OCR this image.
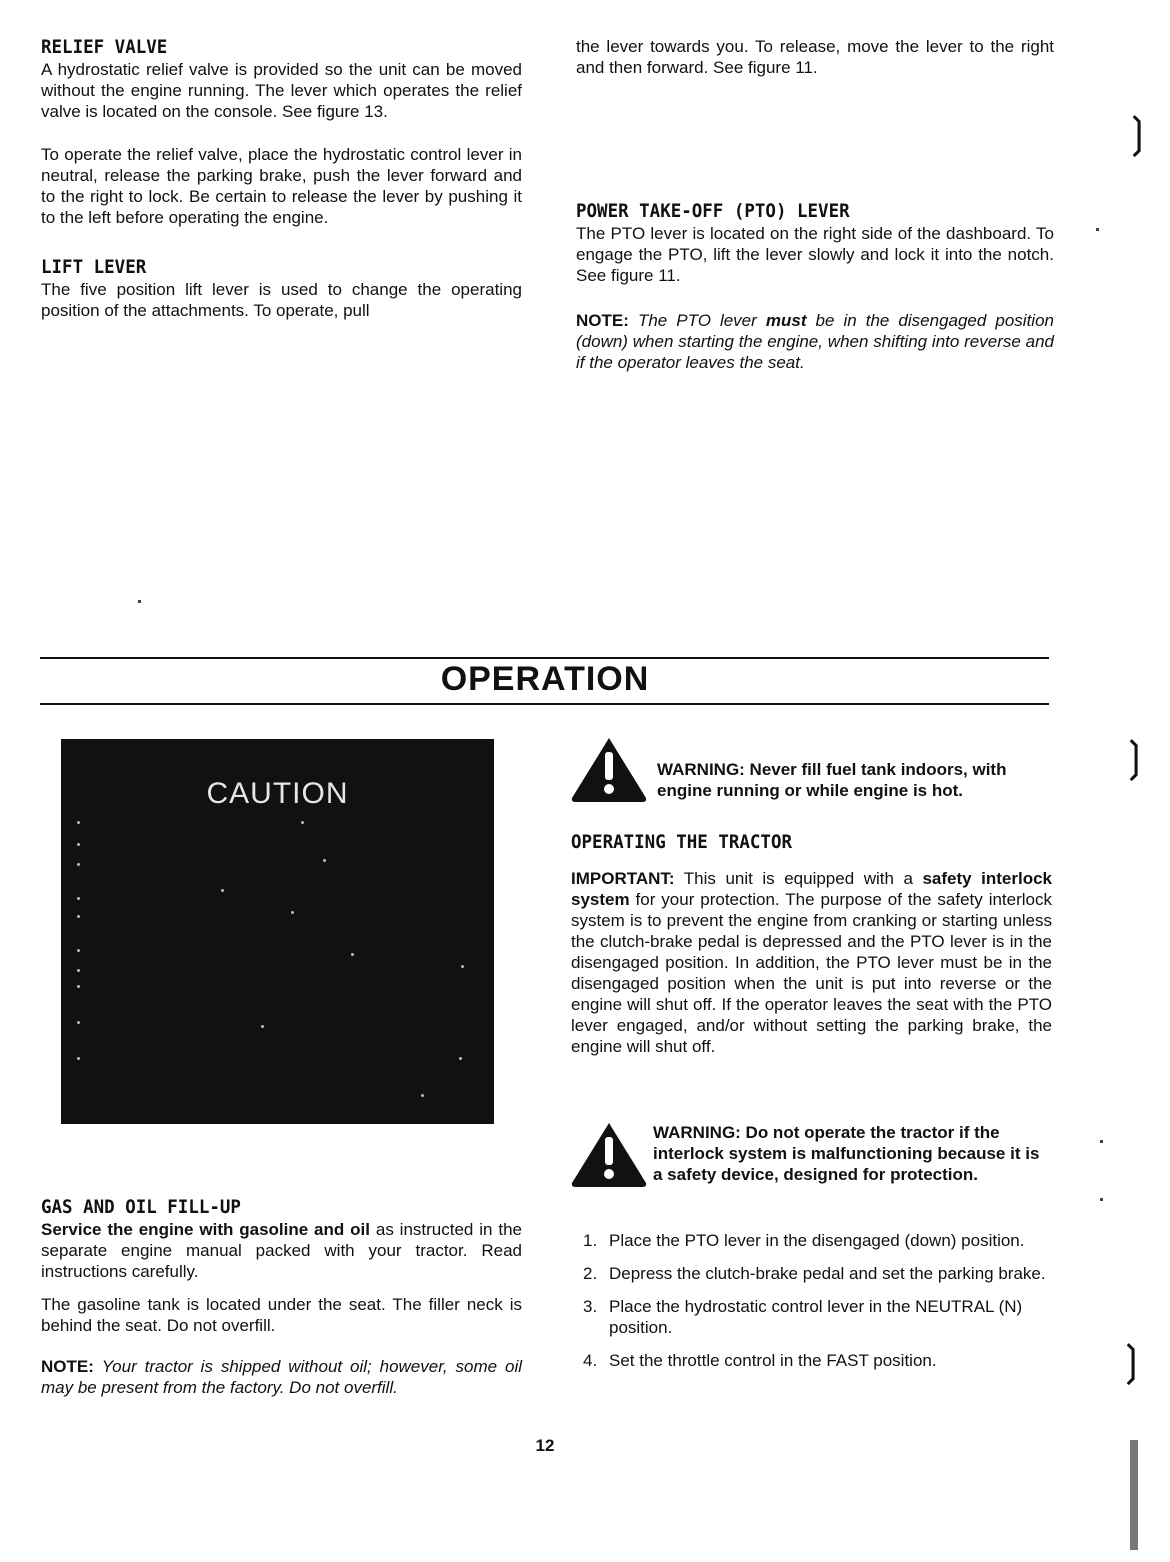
RELIEF VALVE

A hydrostatic relief valve is provided so the unit can be moved without the engine running. The lever which operates the relief valve is located on the console. See figure 13.

To operate the relief valve, place the hydrostatic control lever in neutral, release the parking brake, push the lever forward and to the right to lock. Be certain to release the lever by pushing it to the left before operating the engine.

LIFT LEVER

The five position lift lever is used to change the operating position of the attachments. To operate, pull

the lever towards you. To release, move the lever to the right and then forward. See figure 11.

POWER TAKE-OFF (PTO) LEVER

The PTO lever is located on the right side of the dashboard. To engage the PTO, lift the lever slowly and lock it into the notch. See figure 11.

NOTE: The PTO lever must be in the disengaged position (down) when starting the engine, when shifting into reverse and if the operator leaves the seat.

OPERATION
CAUTION
WARNING: Never fill fuel tank indoors, with engine running or while engine is hot.
OPERATING THE TRACTOR

IMPORTANT: This unit is equipped with a safety interlock system for your protection. The purpose of the safety interlock system is to prevent the engine from cranking or starting unless the clutch-brake pedal is depressed and the PTO lever is in the disengaged position. In addition, the PTO lever must be in the disengaged position when the unit is put into reverse or the engine will shut off. If the operator leaves the seat with the PTO lever engaged, and/or without setting the parking brake, the engine will shut off.

WARNING: Do not operate the tractor if the interlock system is malfunctioning because it is a safety device, designed for protection.
1. Place the PTO lever in the disengaged (down) position.
2. Depress the clutch-brake pedal and set the parking brake.
3. Place the hydrostatic control lever in the NEUTRAL (N) position.
4. Set the throttle control in the FAST position.
GAS AND OIL FILL-UP

Service the engine with gasoline and oil as instructed in the separate engine manual packed with your tractor. Read instructions carefully.

The gasoline tank is located under the seat. The filler neck is behind the seat. Do not overfill.

NOTE: Your tractor is shipped without oil; however, some oil may be present from the factory. Do not overfill.

12
❳
❳
❳
